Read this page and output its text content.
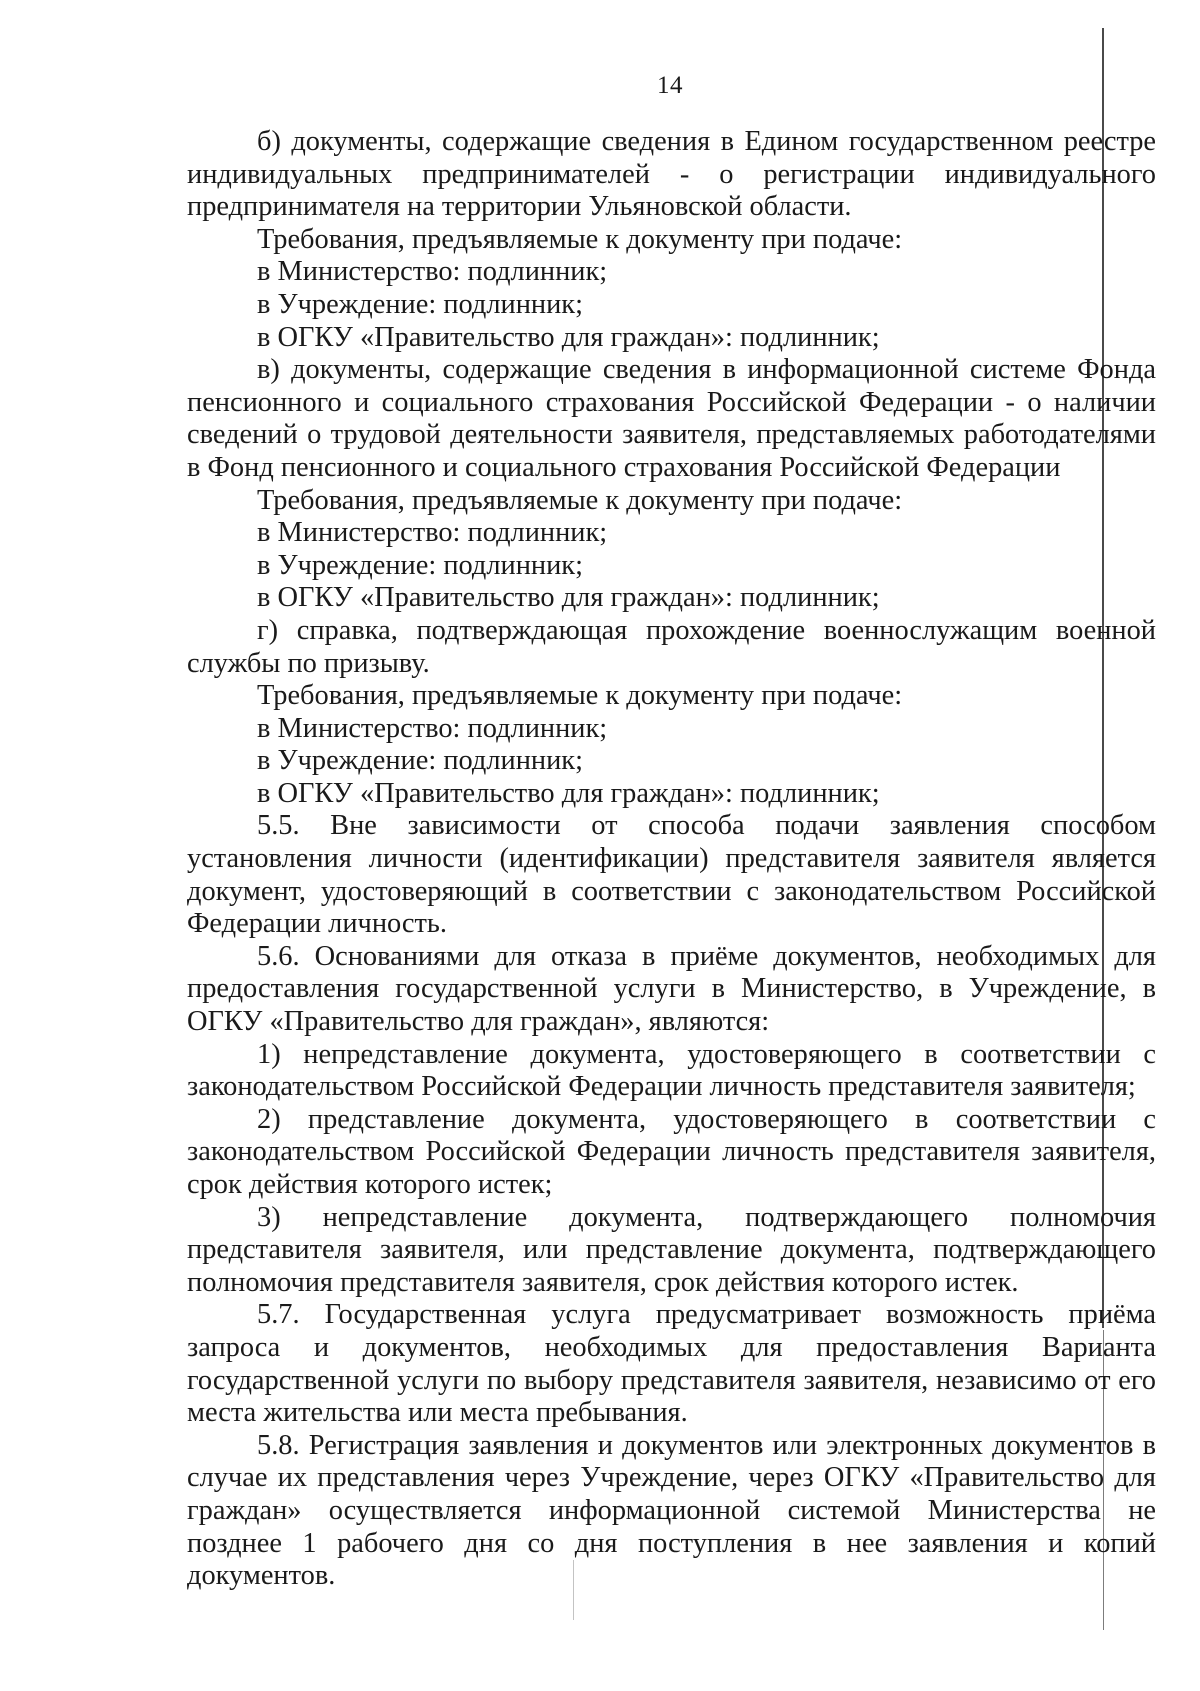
14

б) документы, содержащие сведения в Едином государственном реестре индивидуальных предпринимателей - о регистрации индивидуального предпринимателя на территории Ульяновской области.

Требования, предъявляемые к документу при подаче:

в Министерство: подлинник;

в Учреждение: подлинник;

в ОГКУ «Правительство для граждан»: подлинник;

в) документы, содержащие сведения в информационной системе Фонда пенсионного и социального страхования Российской Федерации - о наличии сведений о трудовой деятельности заявителя, представляемых работодателями в Фонд пенсионного и социального страхования Российской Федерации

Требования, предъявляемые к документу при подаче:

в Министерство: подлинник;

в Учреждение: подлинник;

в ОГКУ «Правительство для граждан»: подлинник;

г) справка, подтверждающая прохождение военнослужащим военной службы по призыву.

Требования, предъявляемые к документу при подаче:

в Министерство: подлинник;

в Учреждение: подлинник;

в ОГКУ «Правительство для граждан»: подлинник;

5.5. Вне зависимости от способа подачи заявления способом установления личности (идентификации) представителя заявителя является документ, удостоверяющий в соответствии с законодательством Российской Федерации личность.

5.6. Основаниями для отказа в приёме документов, необходимых для предоставления государственной услуги в Министерство, в Учреждение, в ОГКУ «Правительство для граждан», являются:

1) непредставление документа, удостоверяющего в соответствии с законодательством Российской Федерации личность представителя заявителя;

2) представление документа, удостоверяющего в соответствии с законодательством Российской Федерации личность представителя заявителя, срок действия которого истек;

3) непредставление документа, подтверждающего полномочия представителя заявителя, или представление документа, подтверждающего полномочия представителя заявителя, срок действия которого истек.

5.7. Государственная услуга предусматривает возможность приёма запроса и документов, необходимых для предоставления Варианта государственной услуги по выбору представителя заявителя, независимо от его места жительства или места пребывания.

5.8. Регистрация заявления и документов или электронных документов в случае их представления через Учреждение, через ОГКУ «Правительство для граждан» осуществляется информационной системой Министерства не позднее 1 рабочего дня со дня поступления в нее заявления и копий документов.
